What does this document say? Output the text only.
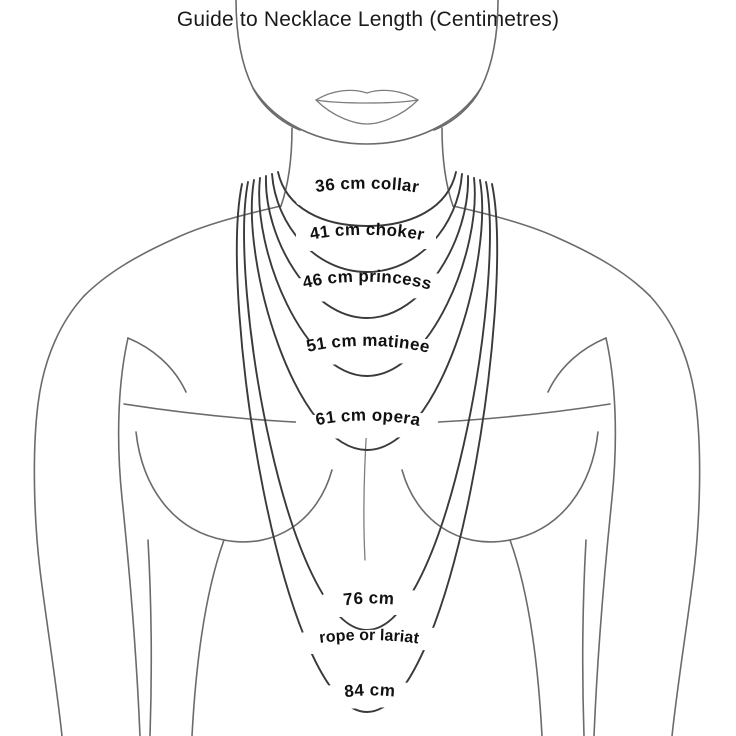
Guide to Necklace Length (Centimetres)
36 cm collar
41 cm choker
46 cm princess
51 cm matinee
61 cm opera
76 cm
rope or lariat
84 cm
